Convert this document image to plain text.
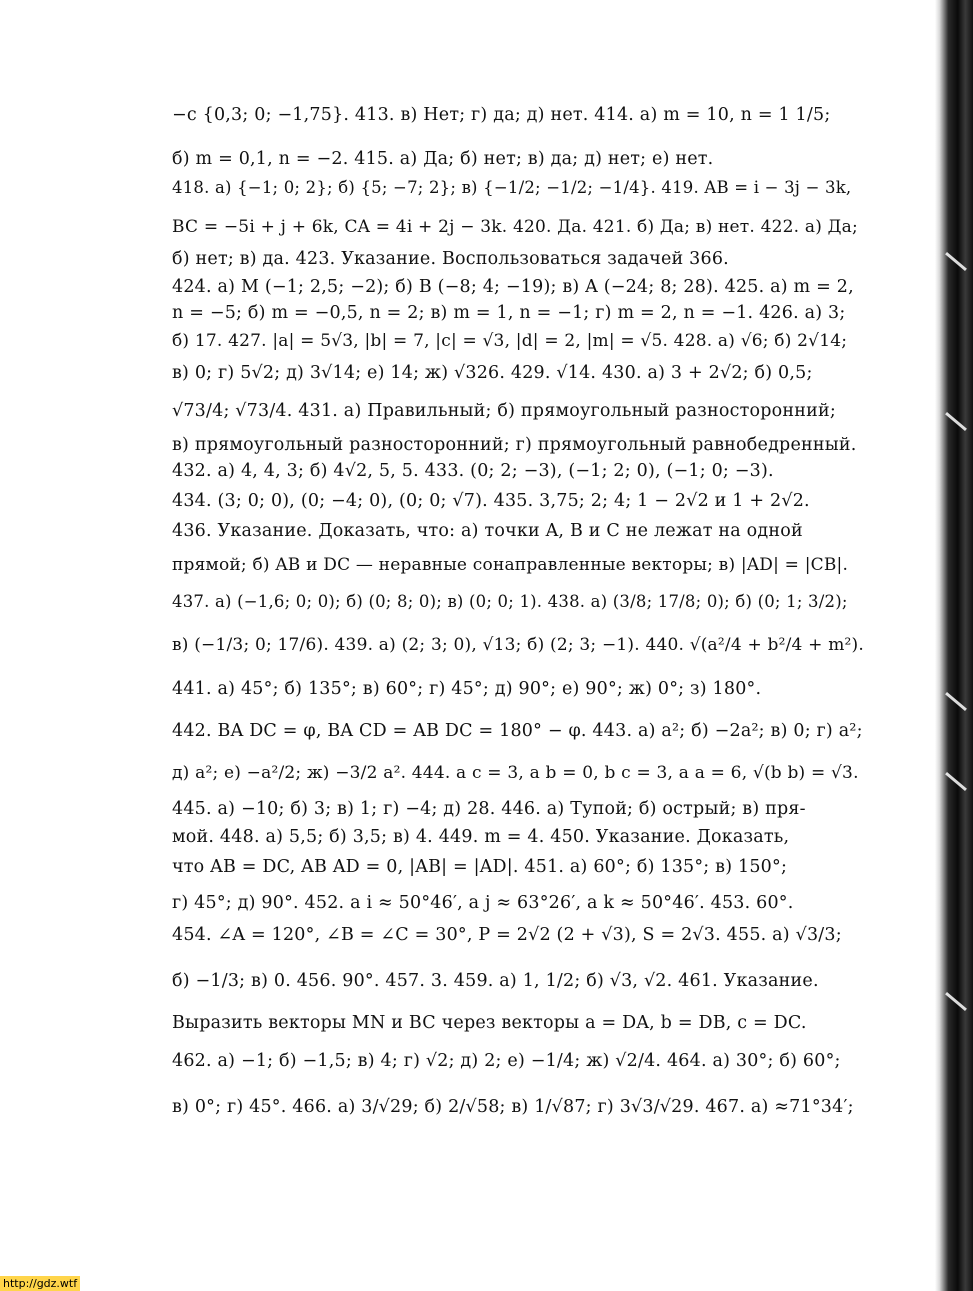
−c {0,3; 0; −1,75}. 413. в) Нет; г) да; д) нет. 414. а) m = 10, n = 1 1/5;
б) m = 0,1, n = −2. 415. а) Да; б) нет; в) да; д) нет; е) нет.
418. а) {−1; 0; 2}; б) {5; −7; 2}; в) {−1/2; −1/2; −1/4}. 419. AB = i − 3j − 3k,
BC = −5i + j + 6k, CA = 4i + 2j − 3k. 420. Да. 421. б) Да; в) нет. 422. а) Да;
б) нет; в) да. 423. Указание. Воспользоваться задачей 366.
424. а) M (−1; 2,5; −2); б) B (−8; 4; −19); в) A (−24; 8; 28). 425. а) m = 2,
n = −5; б) m = −0,5, n = 2; в) m = 1, n = −1; г) m = 2, n = −1. 426. а) 3;
б) 17. 427. |a| = 5√3, |b| = 7, |c| = √3, |d| = 2, |m| = √5. 428. а) √6; б) 2√14;
в) 0; г) 5√2; д) 3√14; е) 14; ж) √326. 429. √14. 430. а) 3 + 2√2; б) 0,5;
√73/4; √73/4. 431. а) Правильный; б) прямоугольный разносторонний;
в) прямоугольный разносторонний; г) прямоугольный равнобедренный.
432. а) 4, 4, 3; б) 4√2, 5, 5. 433. (0; 2; −3), (−1; 2; 0), (−1; 0; −3).
434. (3; 0; 0), (0; −4; 0), (0; 0; √7). 435. 3,75; 2; 4; 1 − 2√2 и 1 + 2√2.
436. Указание. Доказать, что: а) точки A, B и C не лежат на одной
прямой; б) AB и DC — неравные сонаправленные векторы; в) |AD| = |CB|.
437. а) (−1,6; 0; 0); б) (0; 8; 0); в) (0; 0; 1). 438. а) (3/8; 17/8; 0); б) (0; 1; 3/2);
в) (−1/3; 0; 17/6). 439. а) (2; 3; 0), √13; б) (2; 3; −1). 440. √(a²/4 + b²/4 + m²).
441. а) 45°; б) 135°; в) 60°; г) 45°; д) 90°; е) 90°; ж) 0°; з) 180°.
442. BA DC = φ, BA CD = AB DC = 180° − φ. 443. а) a²; б) −2a²; в) 0; г) a²;
д) a²; е) −a²/2; ж) −3/2 a². 444. a c = 3, a b = 0, b c = 3, a a = 6, √(b b) = √3.
445. а) −10; б) 3; в) 1; г) −4; д) 28. 446. а) Тупой; б) острый; в) пря-
мой. 448. а) 5,5; б) 3,5; в) 4. 449. m = 4. 450. Указание. Доказать,
что AB = DC, AB AD = 0, |AB| = |AD|. 451. а) 60°; б) 135°; в) 150°;
г) 45°; д) 90°. 452. a i ≈ 50°46′, a j ≈ 63°26′, a k ≈ 50°46′. 453. 60°.
454. ∠A = 120°, ∠B = ∠C = 30°, P = 2√2 (2 + √3), S = 2√3. 455. а) √3/3;
б) −1/3; в) 0. 456. 90°. 457. 3. 459. а) 1, 1/2; б) √3, √2. 461. Указание.
Выразить векторы MN и BC через векторы a = DA, b = DB, c = DC.
462. а) −1; б) −1,5; в) 4; г) √2; д) 2; е) −1/4; ж) √2/4. 464. а) 30°; б) 60°;
в) 0°; г) 45°. 466. а) 3/√29; б) 2/√58; в) 1/√87; г) 3√3/√29. 467. а) ≈71°34′;
http://gdz.wtf
